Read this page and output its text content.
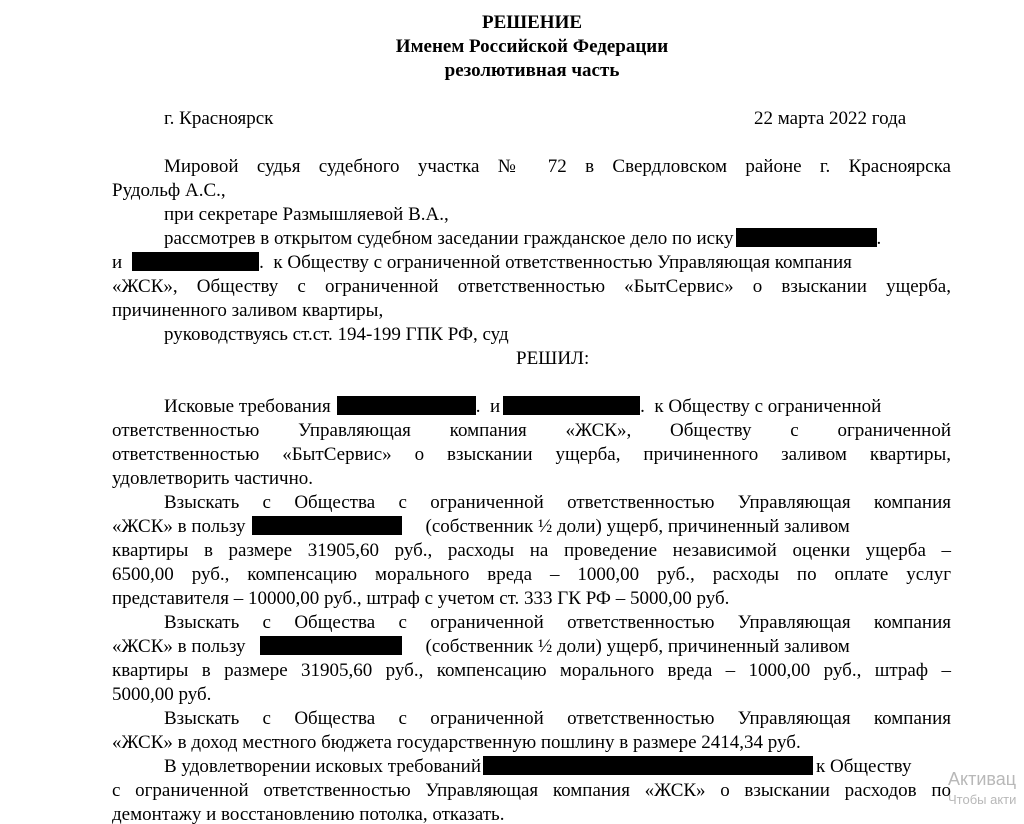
РЕШЕНИЕ
Именем Российской Федерации
резолютивная часть
г. Красноярск	22 марта 2022 года
Мировой судья судебного участка № 72 в Свердловском районе г. Красноярска
Рудольф А.С.,
при секретаре Размышляевой В.А.,
рассмотрев в открытом судебном заседании гражданское дело по иску	.
и	.  к Обществу с ограниченной ответственностью Управляющая компания
«ЖСК», Обществу с ограниченной ответственностью «БытСервис» о взыскании ущерба,
причиненного заливом квартиры,
руководствуясь ст.ст. 194-199 ГПК РФ, суд
РЕШИЛ:
Исковые требования	.  и	.  к Обществу с ограниченной
ответственностью Управляющая компания «ЖСК», Обществу с ограниченной
ответственностью «БытСервис» о взыскании ущерба, причиненного заливом квартиры,
удовлетворить частично.
Взыскать с Общества с ограниченной ответственностью Управляющая компания
«ЖСК» в пользу	(собственник ½ доли) ущерб, причиненный заливом
квартиры в размере 31905,60 руб., расходы на проведение независимой оценки ущерба –
6500,00 руб., компенсацию морального вреда – 1000,00 руб., расходы по оплате услуг
представителя – 10000,00 руб., штраф с учетом ст. 333 ГК РФ – 5000,00 руб.
Взыскать с Общества с ограниченной ответственностью Управляющая компания
«ЖСК» в пользу	(собственник ½ доли) ущерб, причиненный заливом
квартиры в размере 31905,60 руб., компенсацию морального вреда – 1000,00 руб., штраф –
5000,00 руб.
Взыскать с Общества с ограниченной ответственностью Управляющая компания
«ЖСК» в доход местного бюджета государственную пошлину в размере 2414,34 руб.
В удовлетворении исковых требований	к Обществу
с ограниченной ответственностью Управляющая компания «ЖСК» о взыскании расходов по
демонтажу и восстановлению потолка, отказать.
Активац
Чтобы акти
